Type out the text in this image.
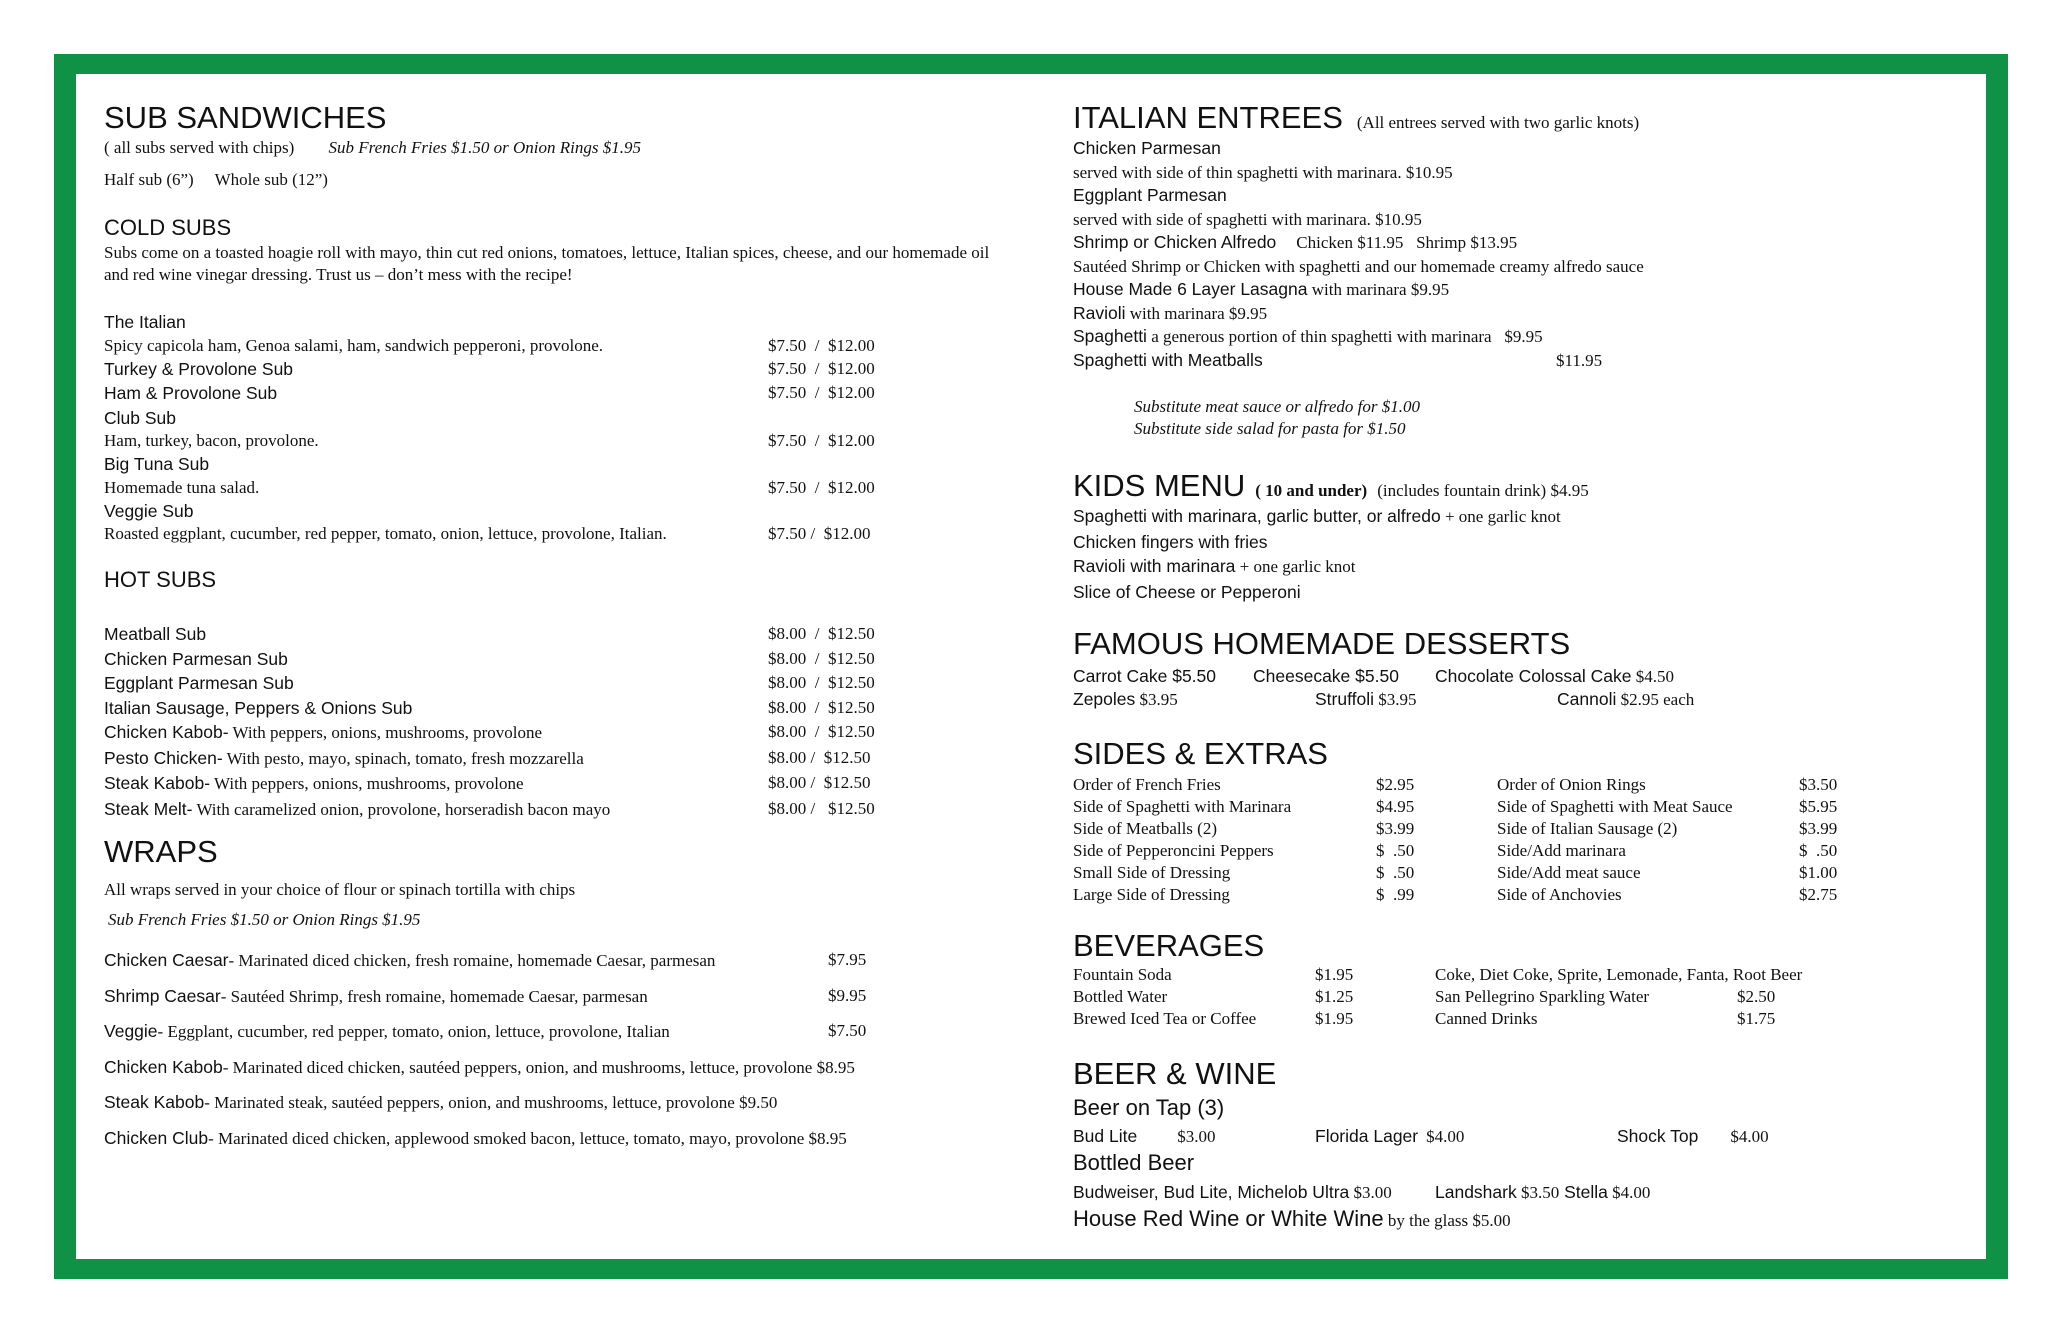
SUB SANDWICHES
( all subs served with chips) Sub French Fries $1.50 or Onion Rings $1.95
Half sub (6”)     Whole sub (12”)
COLD SUBS
Subs come on a toasted hoagie roll with mayo, thin cut red onions, tomatoes, lettuce, Italian spices, cheese, and our homemade oil and red wine vinegar dressing. Trust us – don’t mess with the recipe!
The Italian
Spicy capicola ham, Genoa salami, ham, sandwich pepperoni, provolone.	$7.50  /  $12.00
Turkey & Provolone Sub	$7.50  /  $12.00
Ham & Provolone Sub	$7.50  /  $12.00
Club Sub
Ham, turkey, bacon, provolone.	$7.50  /  $12.00
Big Tuna Sub
Homemade tuna salad.	$7.50  /  $12.00
Veggie Sub
Roasted eggplant, cucumber, red pepper, tomato, onion, lettuce, provolone, Italian.	$7.50 /  $12.00
HOT SUBS
Meatball Sub	$8.00  /  $12.50
Chicken Parmesan Sub	$8.00  /  $12.50
Eggplant Parmesan Sub	$8.00  /  $12.50
Italian Sausage, Peppers & Onions Sub	$8.00  /  $12.50
Chicken Kabob- With peppers, onions, mushrooms, provolone	$8.00  /  $12.50
Pesto Chicken- With pesto, mayo, spinach, tomato, fresh mozzarella	$8.00 /  $12.50
Steak Kabob- With peppers, onions, mushrooms, provolone	$8.00 /  $12.50
Steak Melt- With caramelized onion, provolone, horseradish bacon mayo	$8.00 /   $12.50
WRAPS
All wraps served in your choice of flour or spinach tortilla with chips
Sub French Fries $1.50 or Onion Rings $1.95
Chicken Caesar- Marinated diced chicken, fresh romaine, homemade Caesar, parmesan	$7.95
Shrimp Caesar- Sautéed Shrimp, fresh romaine, homemade Caesar, parmesan	$9.95
Veggie- Eggplant, cucumber, red pepper, tomato, onion, lettuce, provolone, Italian	$7.50
Chicken Kabob- Marinated diced chicken, sautéed peppers, onion, and mushrooms, lettuce, provolone $8.95
Steak Kabob- Marinated steak, sautéed peppers, onion, and mushrooms, lettuce, provolone $9.50
Chicken Club- Marinated diced chicken, applewood smoked bacon, lettuce, tomato, mayo, provolone $8.95
ITALIAN ENTREES (All entrees served with two garlic knots)
Chicken Parmesan
served with side of thin spaghetti with marinara. $10.95
Eggplant Parmesan
served with side of spaghetti with marinara. $10.95
Shrimp or Chicken Alfredo Chicken $11.95   Shrimp $13.95
Sautéed Shrimp or Chicken with spaghetti and our homemade creamy alfredo sauce
House Made 6 Layer Lasagna with marinara $9.95
Ravioli with marinara $9.95
Spaghetti a generous portion of thin spaghetti with marinara   $9.95
Spaghetti with Meatballs	$11.95
Substitute meat sauce or alfredo for $1.00
Substitute side salad for pasta for $1.50
KIDS MENU ( 10 and under) (includes fountain drink) $4.95
Spaghetti with marinara, garlic butter, or alfredo + one garlic knot
Chicken fingers with fries
Ravioli with marinara + one garlic knot
Slice of Cheese or Pepperoni
FAMOUS HOMEMADE DESSERTS
Carrot Cake $5.50 Cheesecake $5.50 Chocolate Colossal Cake $4.50
Zepoles $3.95	Struffoli $3.95	Cannoli $2.95 each
SIDES & EXTRAS
Order of French Fries	$2.95
Side of Spaghetti with Marinara	$4.95
Side of Meatballs (2)	$3.99
Side of Pepperoncini Peppers	$  .50
Small Side of Dressing	$  .50
Large Side of Dressing	$  .99
Order of Onion Rings	$3.50
Side of Spaghetti with Meat Sauce	$5.95
Side of Italian Sausage (2)	$3.99
Side/Add marinara	$  .50
Side/Add meat sauce	$1.00
Side of Anchovies	$2.75
BEVERAGES
Fountain Soda	$1.95
Bottled Water	$1.25
Brewed Iced Tea or Coffee	$1.95
Coke, Diet Coke, Sprite, Lemonade, Fanta, Root Beer
San Pellegrino Sparkling Water	$2.50
Canned Drinks	$1.75
BEER & WINE
Beer on Tap (3)
Bud Lite $3.00	Florida Lager $4.00	Shock Top $4.00
Bottled Beer
Budweiser, Bud Lite, Michelob Ultra $3.00 Landshark $3.50 Stella $4.00
House Red Wine or White Wine by the glass $5.00
